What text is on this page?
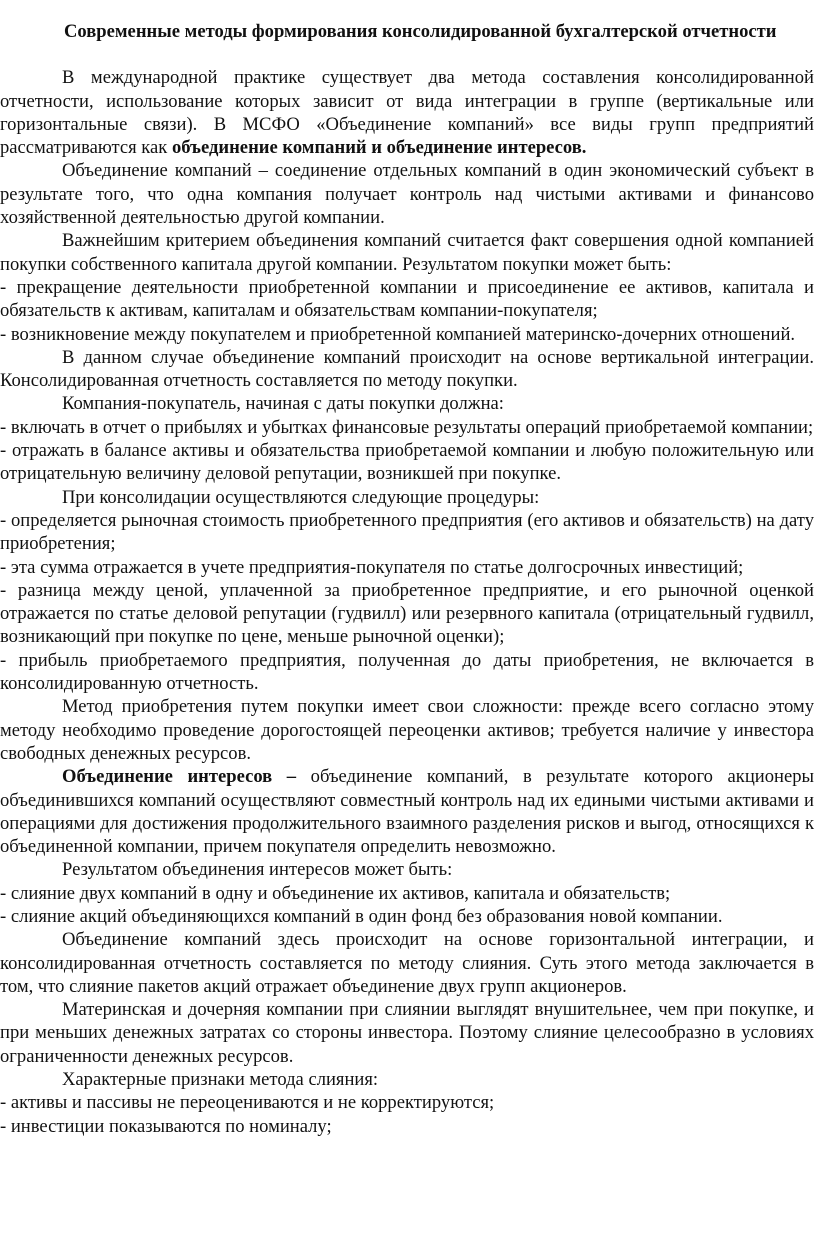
Современные методы формирования консолидированной бухгалтерской отчетности

В международной практике существует два метода составления консолидированной отчетности, использование которых зависит от вида интеграции в группе (вертикальные или горизонтальные связи). В МСФО «Объединение компаний» все виды групп предприятий рассматриваются как объединение компаний и объединение интересов.

Объединение компаний – соединение отдельных компаний в один экономический субъект в результате того, что одна компания получает контроль над чистыми активами и финансово хозяйственной деятельностью другой компании.

Важнейшим критерием объединения компаний считается факт совершения одной компанией покупки собственного капитала другой компании. Результатом покупки может быть:

- прекращение деятельности приобретенной компании и присоединение ее активов, капитала и обязательств к активам, капиталам и обязательствам компании-покупателя;

- возникновение между покупателем и приобретенной компанией материнско-дочерних отношений.

В данном случае объединение компаний происходит на основе вертикальной интеграции. Консолидированная отчетность составляется по методу покупки.

Компания-покупатель, начиная с даты покупки должна:

- включать в отчет о прибылях и убытках финансовые результаты операций приобретаемой компании;

- отражать в балансе активы и обязательства приобретаемой компании и любую положительную или отрицательную величину деловой репутации, возникшей при покупке.

При консолидации осуществляются следующие процедуры:

- определяется рыночная стоимость приобретенного предприятия (его активов и обязательств) на дату приобретения;

- эта сумма отражается в учете предприятия-покупателя по статье долгосрочных инвестиций;

- разница между ценой, уплаченной за приобретенное предприятие, и его рыночной оценкой отражается по статье деловой репутации (гудвилл) или резервного капитала (отрицательный гудвилл, возникающий при покупке по цене, меньше рыночной оценки);

- прибыль приобретаемого предприятия, полученная до даты приобретения, не включается в консолидированную отчетность.

Метод приобретения путем покупки имеет свои сложности: прежде всего согласно этому методу необходимо проведение дорогостоящей переоценки активов; требуется наличие у инвестора свободных денежных ресурсов.

Объединение интересов – объединение компаний, в результате которого акционеры объединившихся компаний осуществляют совместный контроль над их едиными чистыми активами и операциями для достижения продолжительного взаимного разделения рисков и выгод, относящихся к объединенной компании, причем покупателя определить невозможно.

Результатом объединения интересов может быть:

- слияние двух компаний в одну и объединение их активов, капитала и обязательств;

- слияние акций объединяющихся компаний в один фонд без образования новой компании.

Объединение компаний здесь происходит на основе горизонтальной интеграции, и консолидированная отчетность составляется по методу слияния. Суть этого метода заключается в том, что слияние пакетов акций отражает объединение двух групп акционеров.

Материнская и дочерняя компании при слиянии выглядят внушительнее, чем при покупке, и при меньших денежных затратах со стороны инвестора. Поэтому слияние целесообразно в условиях ограниченности денежных ресурсов.

Характерные признаки метода слияния:

- активы и пассивы не переоцениваются и не корректируются;

- инвестиции показываются по номиналу;
